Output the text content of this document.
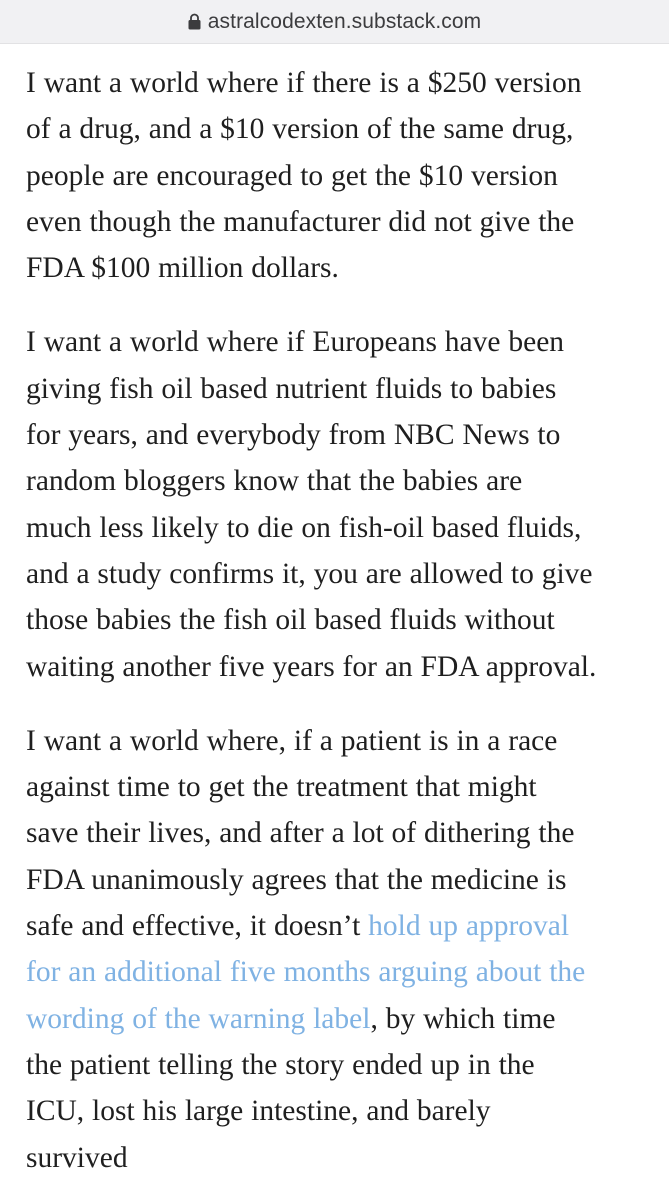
astralcodexten.substack.com

I want a world where if there is a $250 version
of a drug, and a $10 version of the same drug,
people are encouraged to get the $10 version
even though the manufacturer did not give the
FDA $100 million dollars.

I want a world where if Europeans have been
giving fish oil based nutrient fluids to babies
for years, and everybody from NBC News to
random bloggers know that the babies are
much less likely to die on fish-oil based fluids,
and a study confirms it, you are allowed to give
those babies the fish oil based fluids without
waiting another five years for an FDA approval.

I want a world where, if a patient is in a race
against time to get the treatment that might
save their lives, and after a lot of dithering the
FDA unanimously agrees that the medicine is
safe and effective, it doesn’t hold up approval
for an additional five months arguing about the
wording of the warning label, by which time
the patient telling the story ended up in the
ICU, lost his large intestine, and barely
survived
